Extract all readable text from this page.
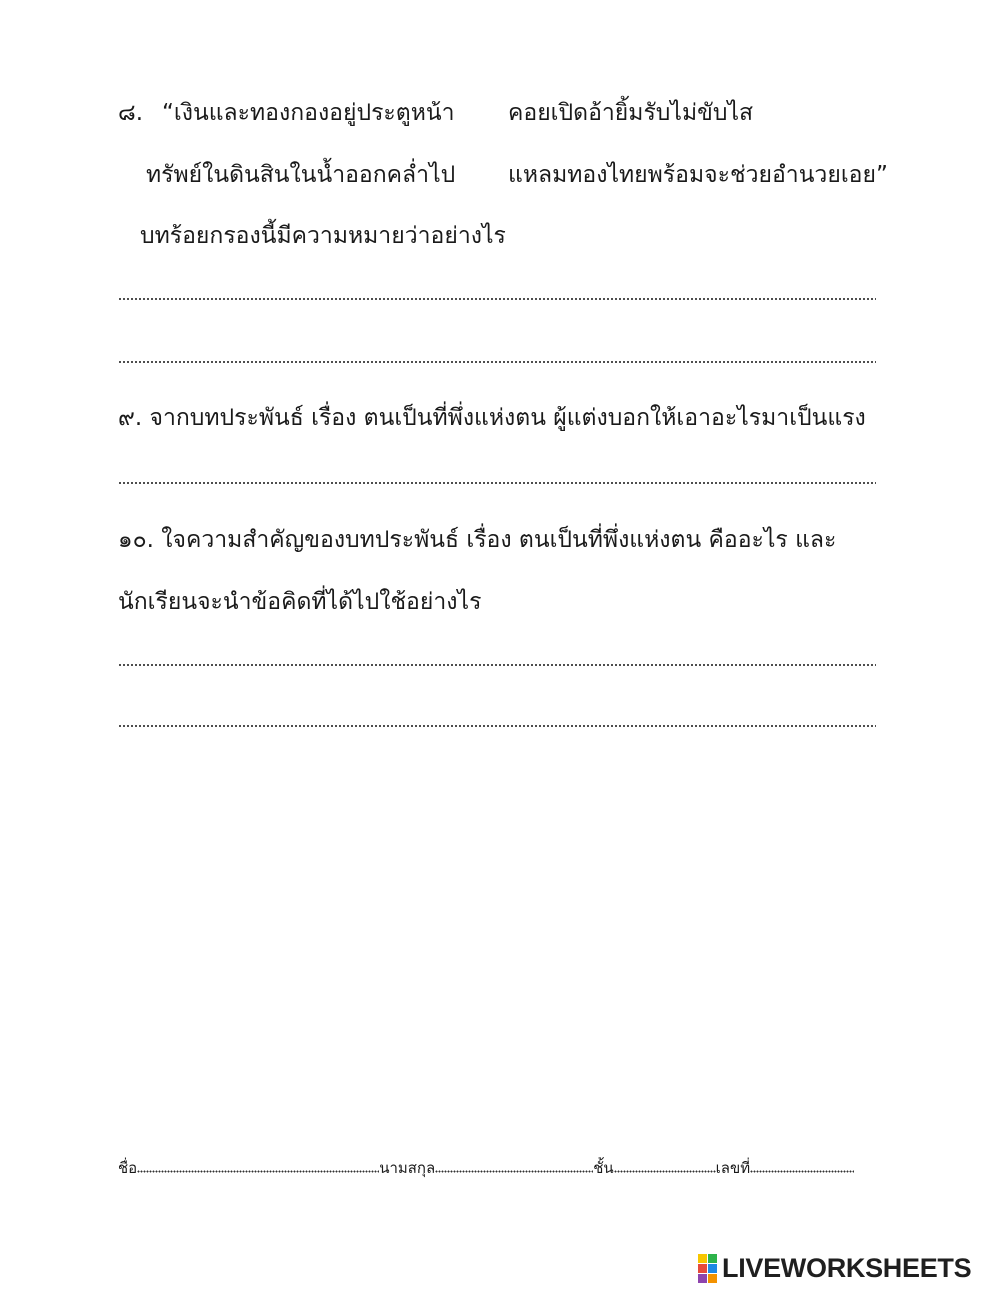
๘. “เงินและทองกองอยู่ประตูหน้า คอยเปิดอ้ายิ้มรับไม่ขับไส
ทรัพย์ในดินสินในน้ำออกคล่ำไป แหลมทองไทยพร้อมจะช่วยอำนวยเอย”
บทร้อยกรองนี้มีความหมายว่าอย่างไร
๙. จากบทประพันธ์ เรื่อง ตนเป็นที่พึ่งแห่งตน ผู้แต่งบอกให้เอาอะไรมาเป็นแรง
๑๐. ใจความสำคัญของบทประพันธ์ เรื่อง ตนเป็นที่พึ่งแห่งตน คืออะไร และ
นักเรียนจะนำข้อคิดที่ได้ไปใช้อย่างไร
ชื่อ	นามสกุล	ชั้น	เลขที่
LIVEWORKSHEETS
